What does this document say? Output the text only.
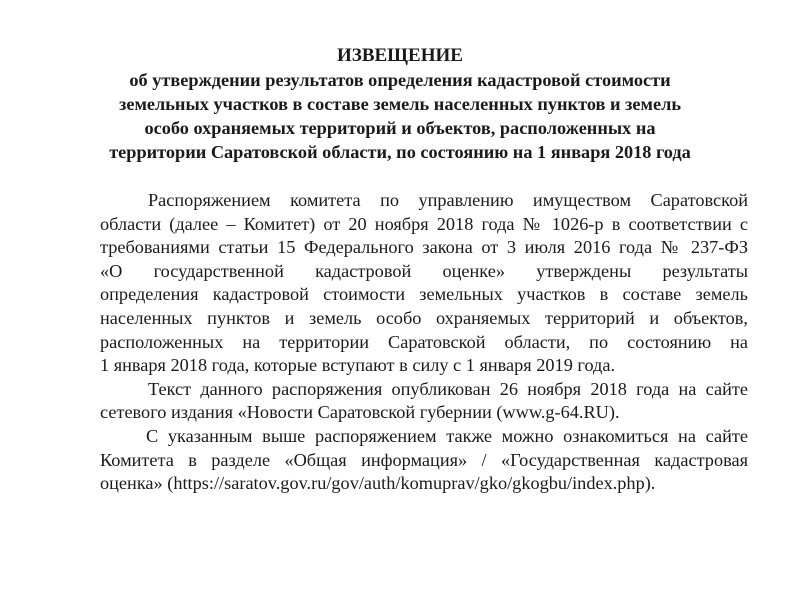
ИЗВЕЩЕНИЕ
об утверждении результатов определения кадастровой стоимости
земельных участков в составе земель населенных пунктов и земель
особо охраняемых территорий и объектов, расположенных на
территории Саратовской области, по состоянию на 1 января 2018 года

Распоряжением комитета по управлению имуществом Саратовской
области (далее – Комитет) от 20 ноября 2018 года № 1026-р в соответствии с
требованиями статьи 15 Федерального закона от 3 июля 2016 года № 237-ФЗ
«О государственной кадастровой оценке» утверждены результаты
определения кадастровой стоимости земельных участков в составе земель
населенных пунктов и земель особо охраняемых территорий и объектов,
расположенных на территории Саратовской области, по состоянию на
1 января 2018 года, которые вступают в силу с 1 января 2019 года.

Текст данного распоряжения опубликован 26 ноября 2018 года на сайте
сетевого издания «Новости Саратовской губернии (www.g-64.RU).

С указанным выше распоряжением также можно ознакомиться на сайте
Комитета в разделе «Общая информация» / «Государственная кадастровая
оценка» (https://saratov.gov.ru/gov/auth/komuprav/gko/gkogbu/index.php).
